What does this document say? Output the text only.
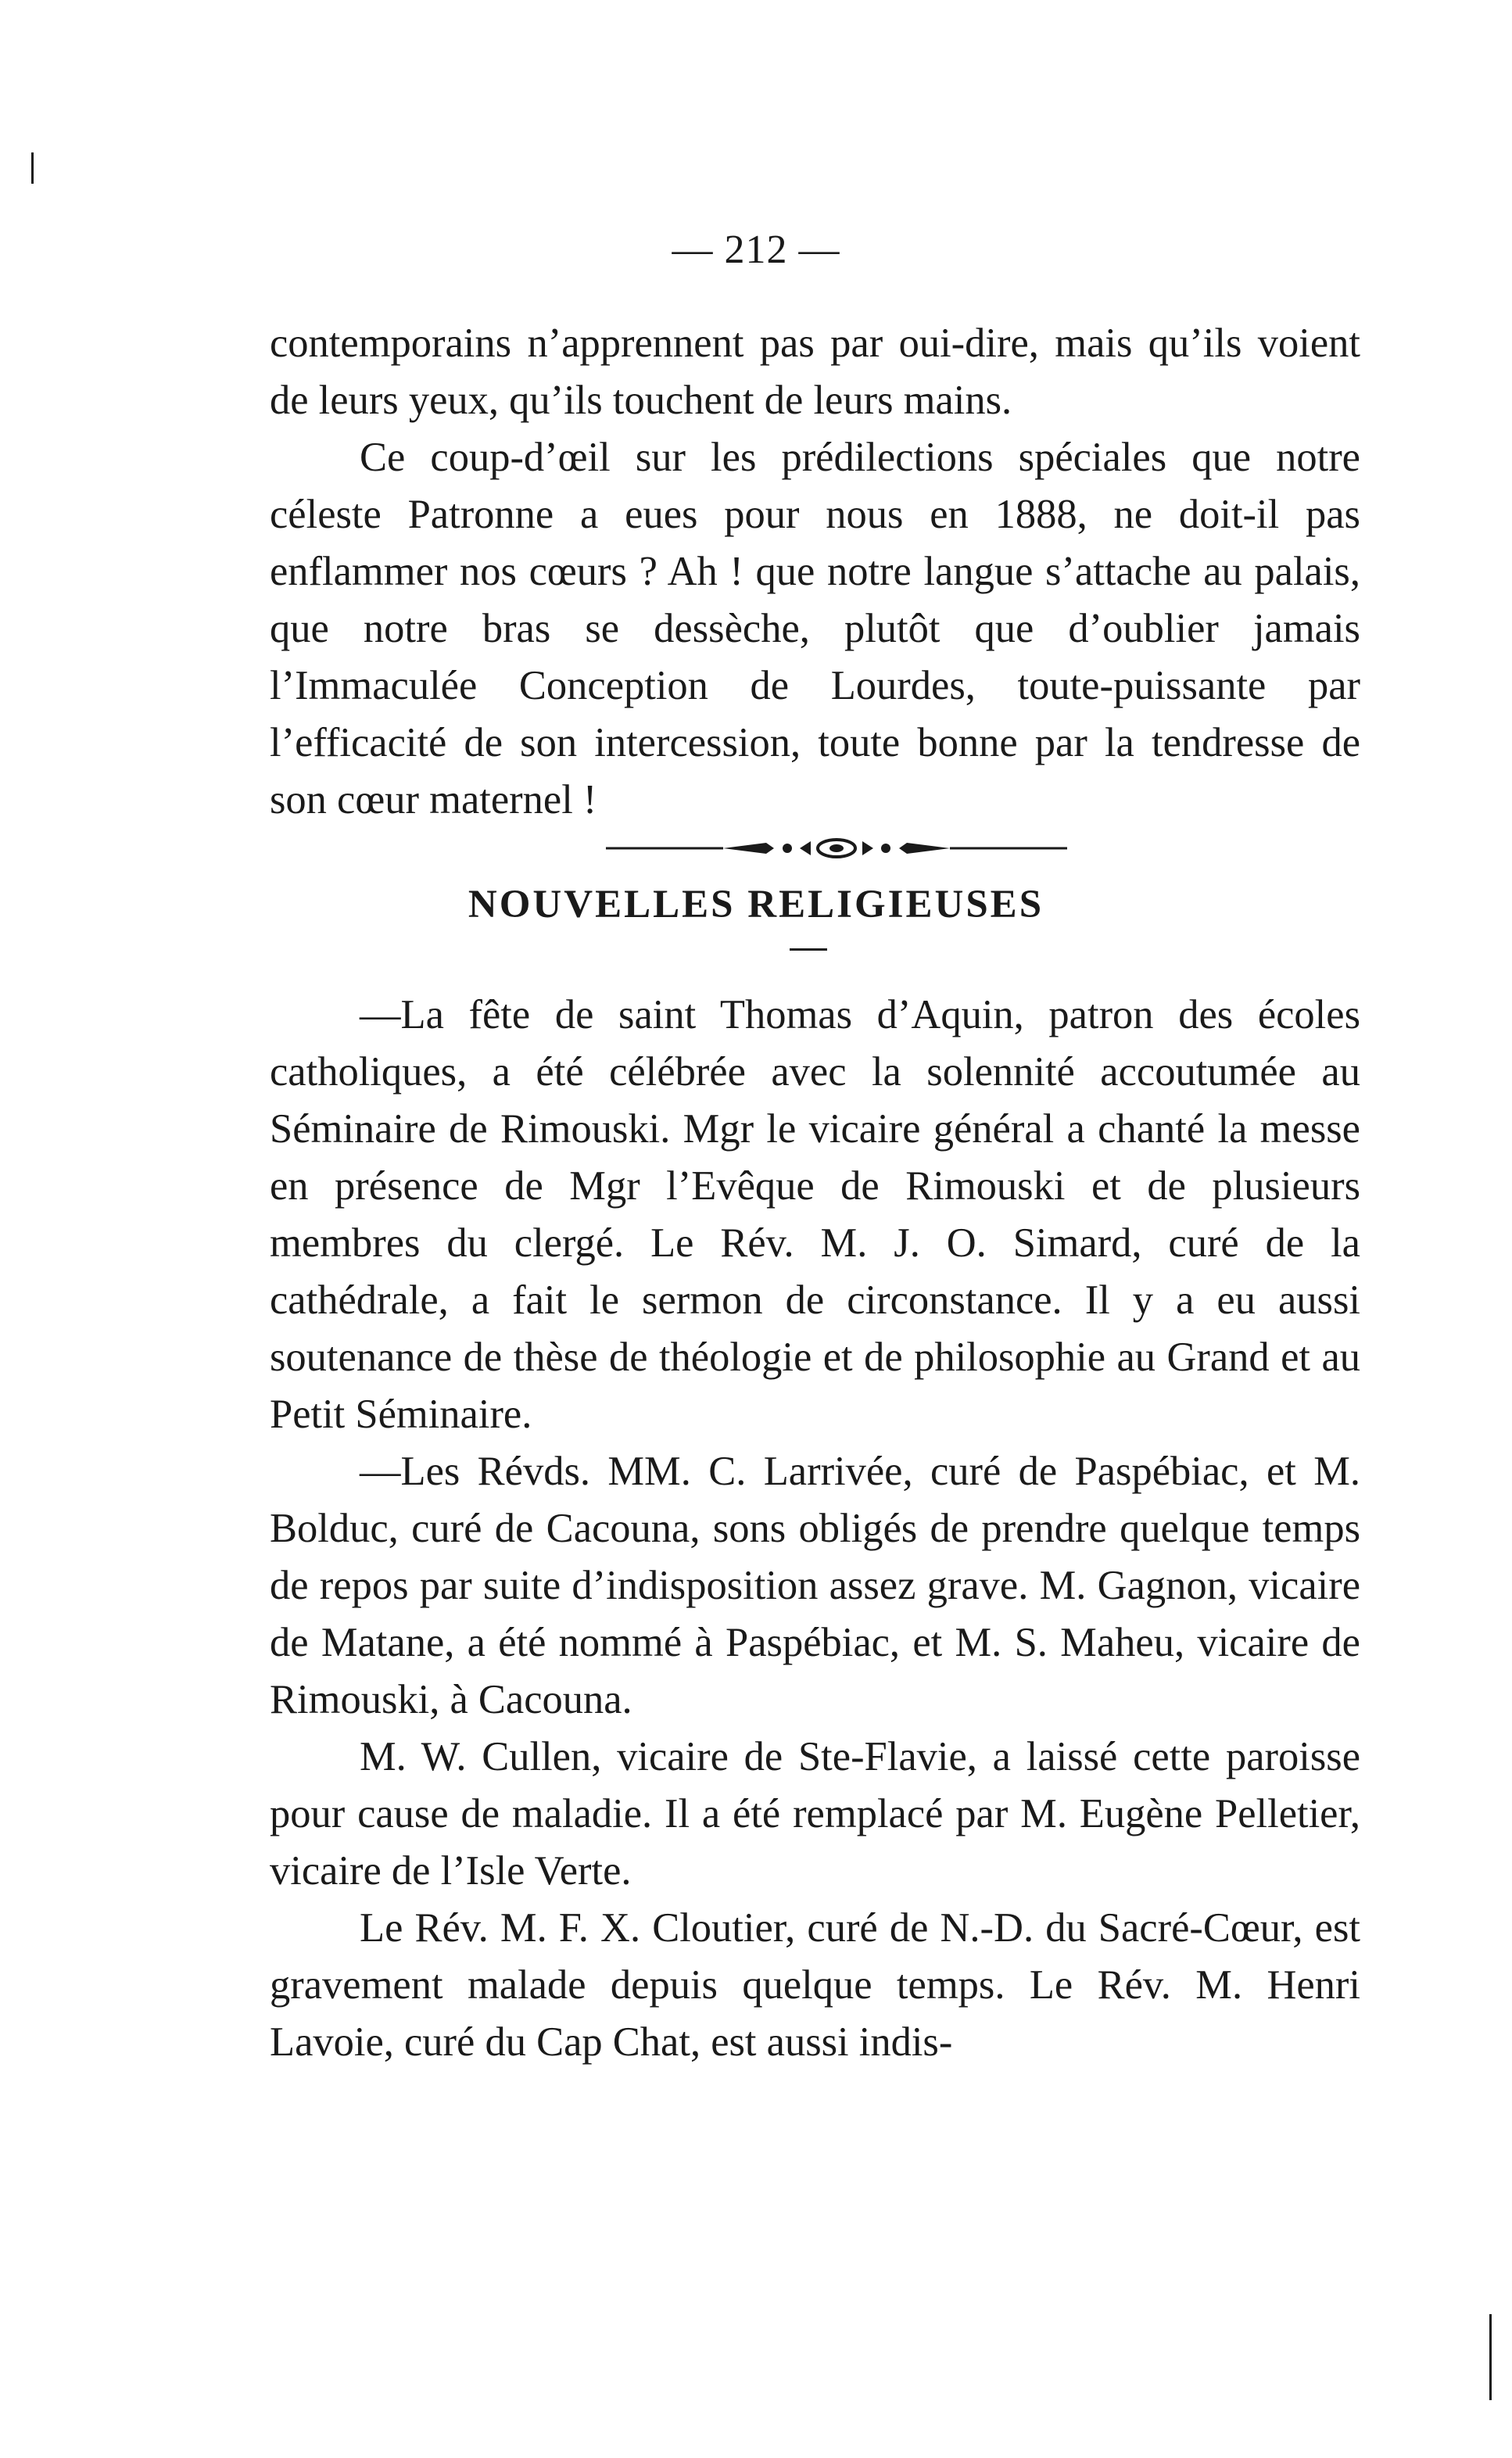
— 212 —

contemporains n’apprennent pas par oui-dire, mais qu’ils voient de leurs yeux, qu’ils touchent de leurs mains.

Ce coup-d’œil sur les prédilections spéciales que notre céleste Patronne a eues pour nous en 1888, ne doit-il pas enflammer nos cœurs ? Ah ! que notre langue s’attache au palais, que notre bras se dessèche, plutôt que d’oublier jamais l’Immaculée Conception de Lourdes, toute-puissante par l’efficacité de son intercession, toute bonne par la tendresse de son cœur maternel !

NOUVELLES RELIGIEUSES

—La fête de saint Thomas d’Aquin, patron des écoles catholiques, a été célébrée avec la solennité accoutumée au Séminaire de Rimouski. Mgr le vicaire général a chanté la messe en présence de Mgr l’Evêque de Rimouski et de plusieurs membres du clergé. Le Rév. M. J. O. Simard, curé de la cathédrale, a fait le sermon de circonstance. Il y a eu aussi soutenance de thèse de théologie et de philosophie au Grand et au Petit Séminaire.

—Les Révds. MM. C. Larrivée, curé de Paspébiac, et M. Bolduc, curé de Cacouna, sons obligés de prendre quelque temps de repos par suite d’indisposition assez grave. M. Gagnon, vicaire de Matane, a été nommé à Paspébiac, et M. S. Maheu, vicaire de Rimouski, à Cacouna.

M. W. Cullen, vicaire de Ste-Flavie, a laissé cette paroisse pour cause de maladie. Il a été remplacé par M. Eugène Pelletier, vicaire de l’Isle Verte.

Le Rév. M. F. X. Cloutier, curé de N.-D. du Sacré-Cœur, est gravement malade depuis quelque temps. Le Rév. M. Henri Lavoie, curé du Cap Chat, est aussi indis-
